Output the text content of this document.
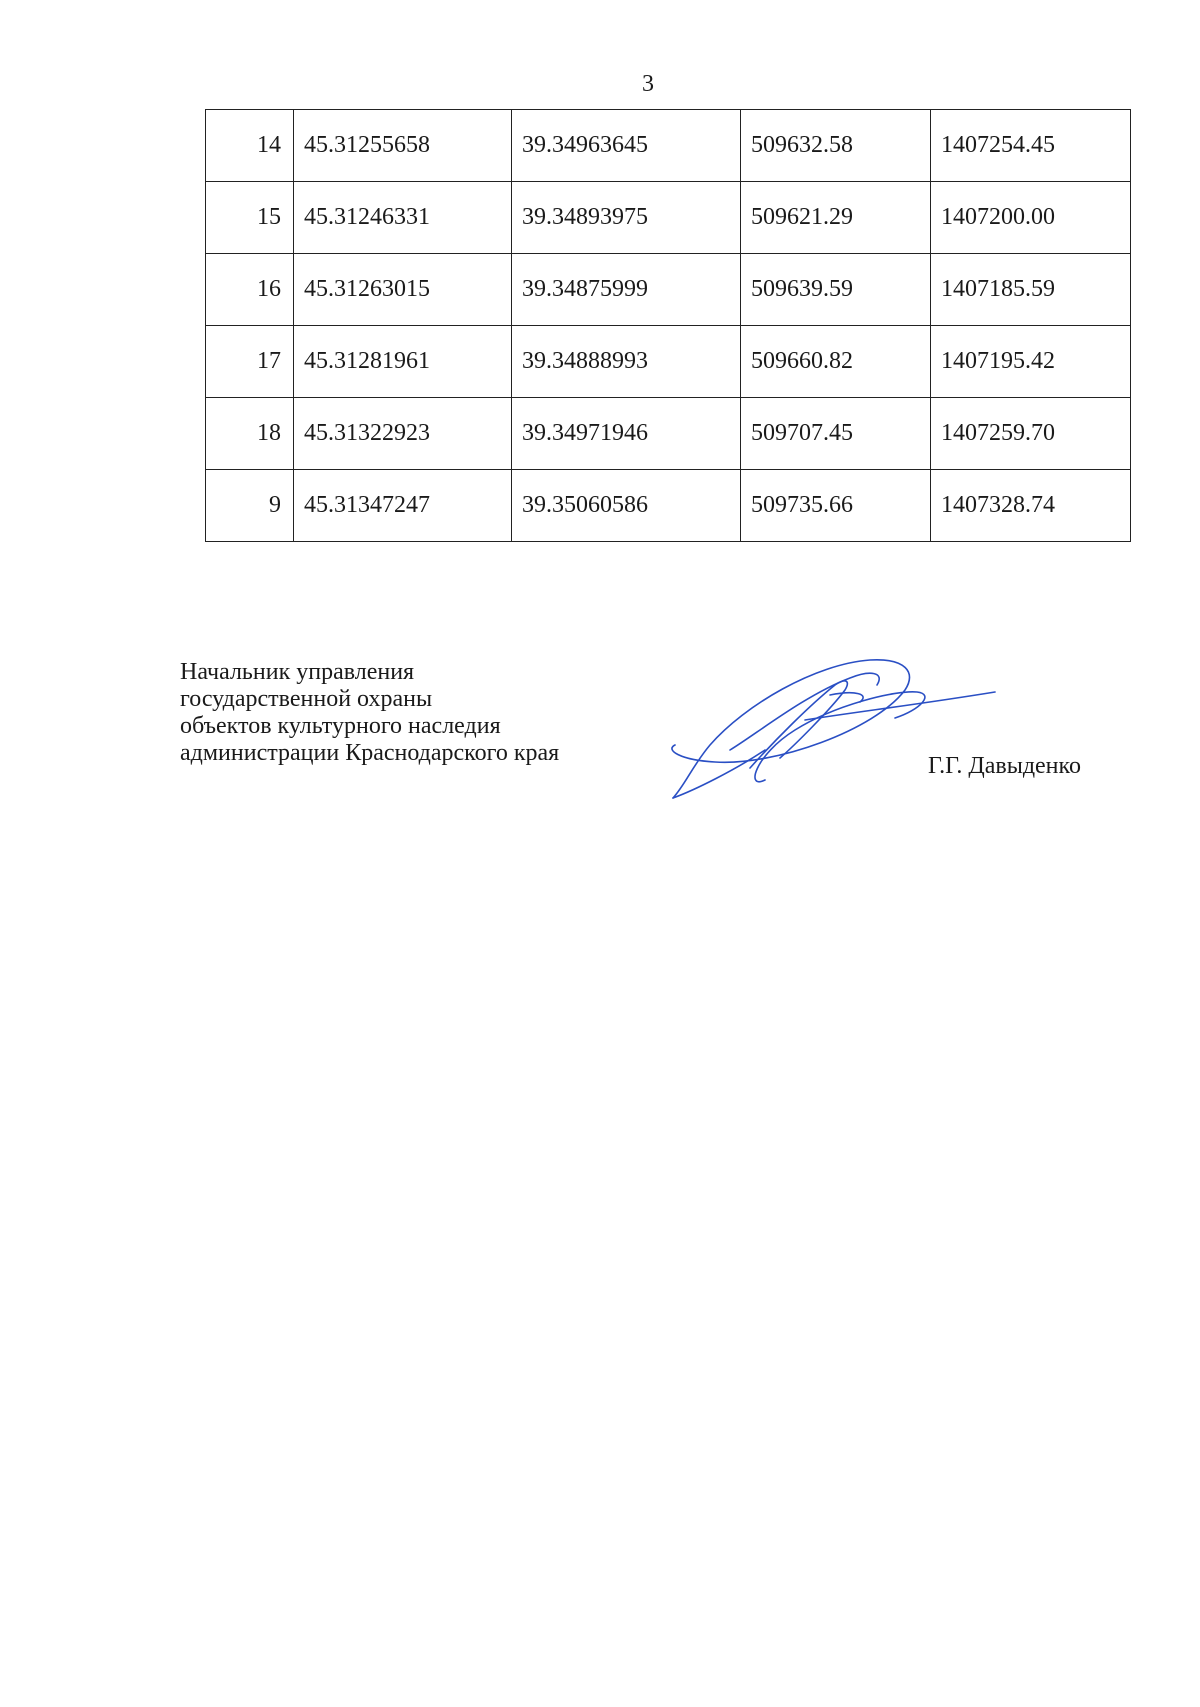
3
14	45.31255658	39.34963645	509632.58	1407254.45
15	45.31246331	39.34893975	509621.29	1407200.00
16	45.31263015	39.34875999	509639.59	1407185.59
17	45.31281961	39.34888993	509660.82	1407195.42
18	45.31322923	39.34971946	509707.45	1407259.70
9	45.31347247	39.35060586	509735.66	1407328.74
Начальник управления
государственной охраны
объектов культурного наследия
администрации Краснодарского края	Г.Г. Давыденко
